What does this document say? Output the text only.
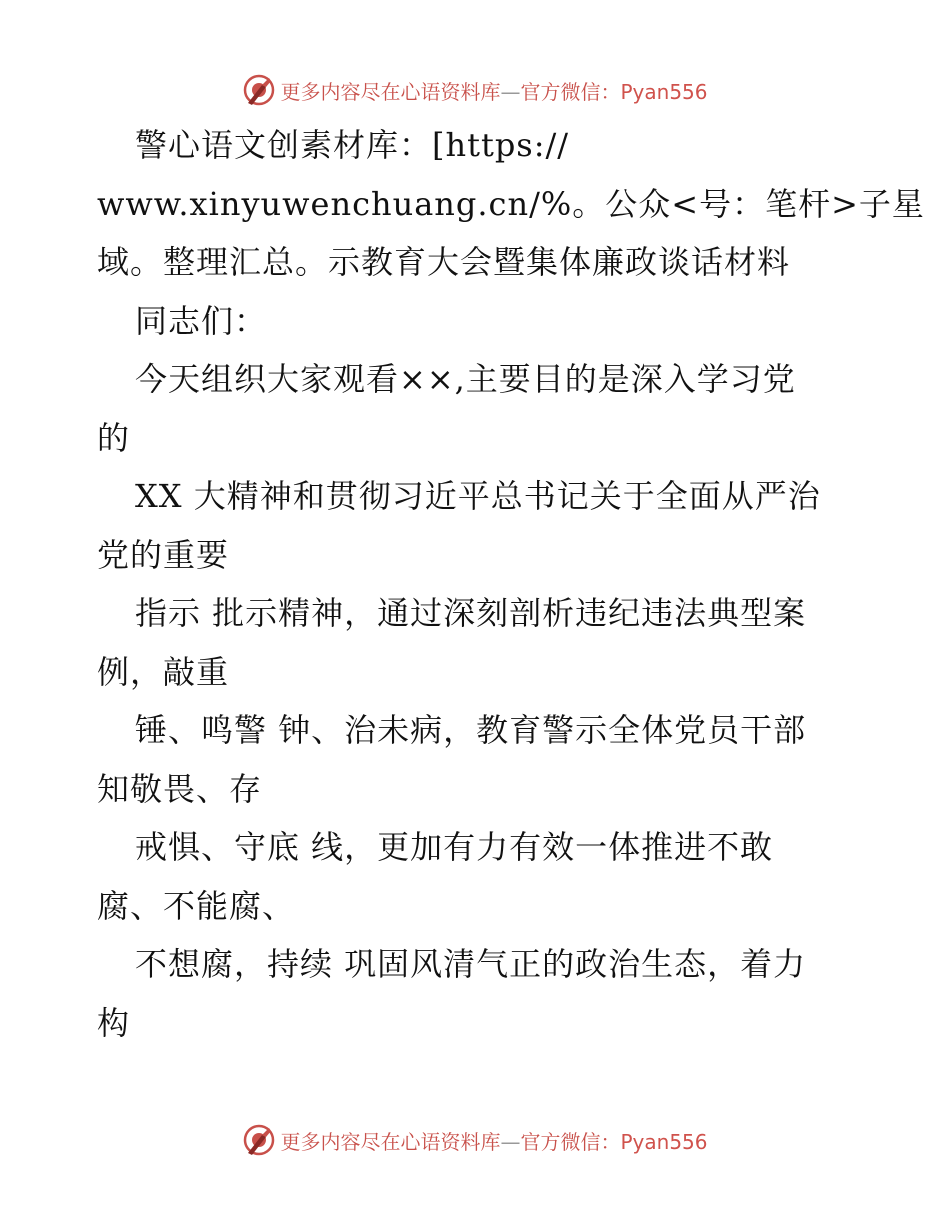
更多内容尽在心语资料库—官方微信：Pyan556
警心语文创素材库：[https://
www.xinyuwenchuang.cn/%。公众<号：笔杆>子星
域。整理汇总。示教育大会暨集体廉政谈话材料
同志们：
今天组织大家观看××,主要目的是深入学习党
的
XX 大精神和贯彻习近平总书记关于全面从严治
党的重要
指示 批示精神，通过深刻剖析违纪违法典型案
例，敲重
锤、鸣警 钟、治未病，教育警示全体党员干部
知敬畏、存
戒惧、守底 线，更加有力有效一体推进不敢
腐、不能腐、
不想腐，持续 巩固风清气正的政治生态，着力
构
更多内容尽在心语资料库—官方微信：Pyan556
